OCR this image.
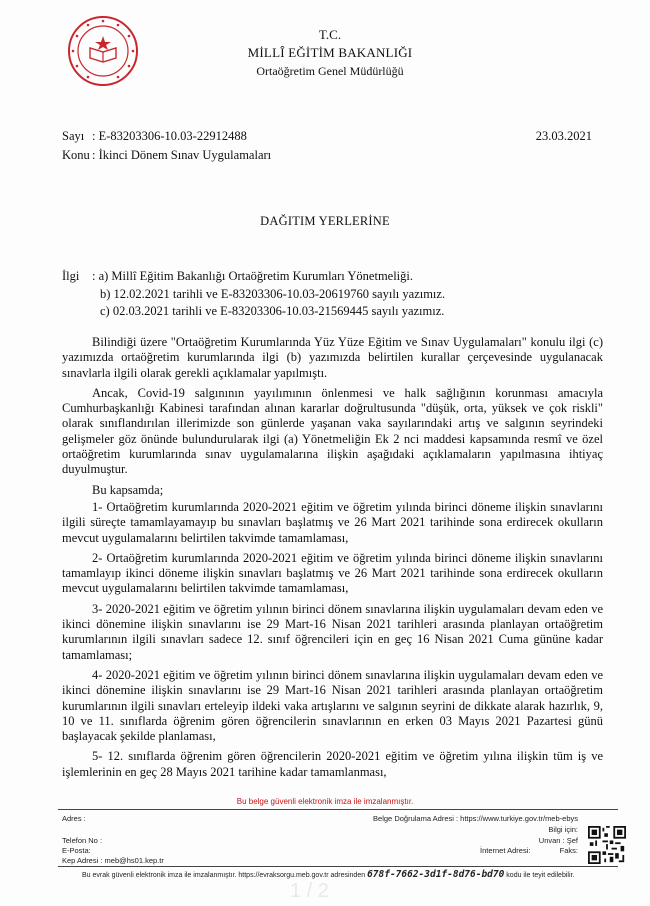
T.C.
MİLLÎ EĞİTİM BAKANLIĞI
Ortaöğretim Genel Müdürlüğü
Sayı : E-83203306-10.03-22912488
Konu : İkinci Dönem Sınav Uygulamaları
23.03.2021
DAĞITIM YERLERİNE
İlgi : a) Millî Eğitim Bakanlığı Ortaöğretim Kurumları Yönetmeliği.
b) 12.02.2021 tarihli ve E-83203306-10.03-20619760 sayılı yazımız.
c) 02.03.2021 tarihli ve E-83203306-10.03-21569445 sayılı yazımız.

Bilindiği üzere "Ortaöğretim Kurumlarında Yüz Yüze Eğitim ve Sınav Uygulamaları" konulu ilgi (c) yazımızda ortaöğretim kurumlarında ilgi (b) yazımızda belirtilen kurallar çerçevesinde uygulanacak sınavlarla ilgili olarak gerekli açıklamalar yapılmıştı.

Ancak, Covid-19 salgınının yayılımının önlenmesi ve halk sağlığının korunması amacıyla Cumhurbaşkanlığı Kabinesi tarafından alınan kararlar doğrultusunda "düşük, orta, yüksek ve çok riskli" olarak sınıflandırılan illerimizde son günlerde yaşanan vaka sayılarındaki artış ve salgının seyrindeki gelişmeler göz önünde bulundurularak ilgi (a) Yönetmeliğin Ek 2 nci maddesi kapsamında resmî ve özel ortaöğretim kurumlarında sınav uygulamalarına ilişkin aşağıdaki açıklamaların yapılmasına ihtiyaç duyulmuştur.

Bu kapsamda;

1- Ortaöğretim kurumlarında 2020-2021 eğitim ve öğretim yılında birinci döneme ilişkin sınavlarını ilgili süreçte tamamlayamayıp bu sınavları başlatmış ve 26 Mart 2021 tarihinde sona erdirecek okulların mevcut uygulamalarını belirtilen takvimde tamamlaması,

2- Ortaöğretim kurumlarında 2020-2021 eğitim ve öğretim yılında birinci döneme ilişkin sınavlarını tamamlayıp ikinci döneme ilişkin sınavları başlatmış ve 26 Mart 2021 tarihinde sona erdirecek okulların mevcut uygulamalarını belirtilen takvimde tamamlaması,

3- 2020-2021 eğitim ve öğretim yılının birinci dönem sınavlarına ilişkin uygulamaları devam eden ve ikinci dönemine ilişkin sınavlarını ise 29 Mart-16 Nisan 2021 tarihleri arasında planlayan ortaöğretim kurumlarının ilgili sınavları sadece 12. sınıf öğrencileri için en geç 16 Nisan 2021 Cuma gününe kadar tamamlaması;

4- 2020-2021 eğitim ve öğretim yılının birinci dönem sınavlarına ilişkin uygulamaları devam eden ve ikinci dönemine ilişkin sınavlarını ise 29 Mart-16 Nisan 2021 tarihleri arasında planlayan ortaöğretim kurumlarının ilgili sınavları erteleyip ildeki vaka artışlarını ve salgının seyrini de dikkate alarak hazırlık, 9, 10 ve 11. sınıflarda öğrenim gören öğrencilerin sınavlarının en erken 03 Mayıs 2021 Pazartesi günü başlayacak şekilde planlaması,

5- 12. sınıflarda öğrenim gören öğrencilerin 2020-2021 eğitim ve öğretim yılına ilişkin tüm iş ve işlemlerinin en geç 28 Mayıs 2021 tarihine kadar tamamlanması,

Bu belge güvenli elektronik imza ile imzalanmıştır.
Adres :
Telefon No :
E-Posta:
Kep Adresi : meb@hs01.kep.tr
Belge Doğrulama Adresi : https://www.turkiye.gov.tr/meb-ebys
Bilgi için:
Unvan : Şef
İnternet Adresi:	Faks:
Bu evrak güvenli elektronik imza ile imzalanmıştır. https://evraksorgu.meb.gov.tr adresinden 678f-7662-3d1f-8d76-bd70 kodu ile teyit edilebilir.
1 / 2
